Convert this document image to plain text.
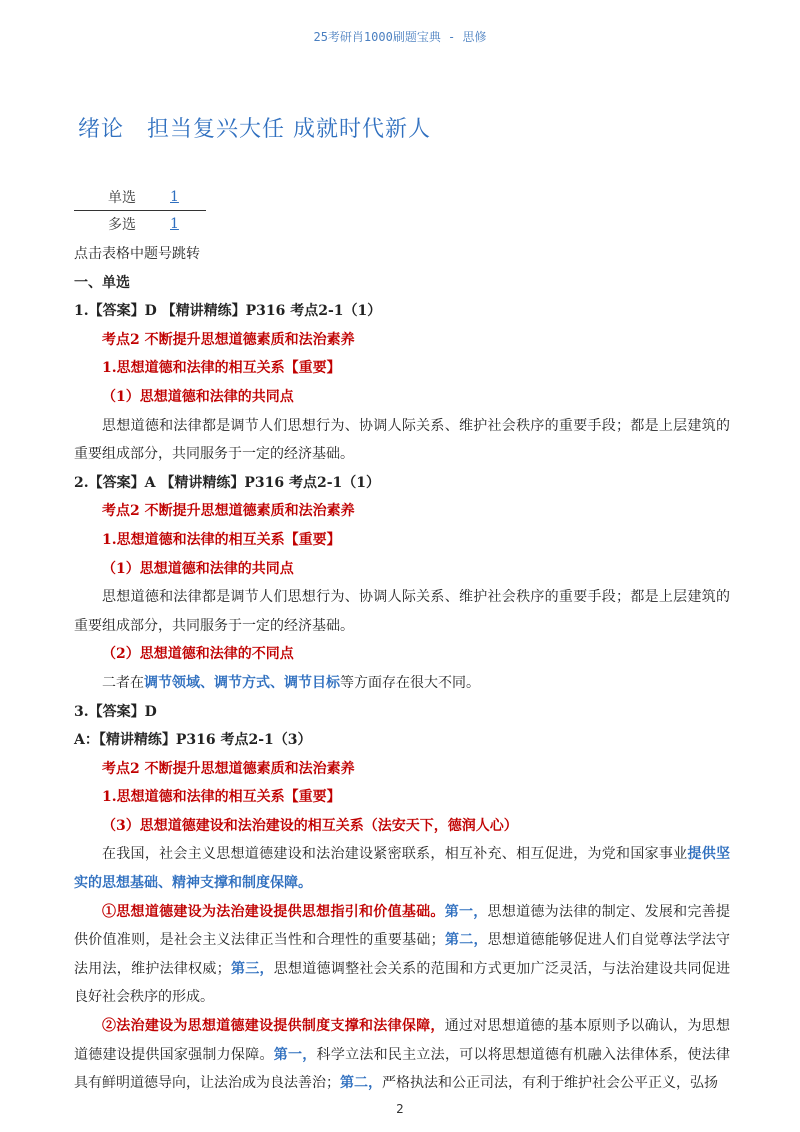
25考研肖1000刷题宝典 - 思修
绪论　担当复兴大任 成就时代新人
单选	1
多选	1

点击表格中题号跳转

一、单选

1.【答案】D 【精讲精练】P316 考点2-1（1）

考点2 不断提升思想道德素质和法治素养

1.思想道德和法律的相互关系【重要】

（1）思想道德和法律的共同点

思想道德和法律都是调节人们思想行为、协调人际关系、维护社会秩序的重要手段；都是上层建筑的重要组成部分，共同服务于一定的经济基础。

2.【答案】A 【精讲精练】P316 考点2-1（1）

考点2 不断提升思想道德素质和法治素养

1.思想道德和法律的相互关系【重要】

（1）思想道德和法律的共同点

思想道德和法律都是调节人们思想行为、协调人际关系、维护社会秩序的重要手段；都是上层建筑的重要组成部分，共同服务于一定的经济基础。

（2）思想道德和法律的不同点

二者在调节领域、调节方式、调节目标等方面存在很大不同。

3.【答案】D

A：【精讲精练】P316 考点2-1（3）

考点2 不断提升思想道德素质和法治素养

1.思想道德和法律的相互关系【重要】

（3）思想道德建设和法治建设的相互关系（法安天下，德润人心）

在我国，社会主义思想道德建设和法治建设紧密联系，相互补充、相互促进，为党和国家事业提供坚实的思想基础、精神支撑和制度保障。

①思想道德建设为法治建设提供思想指引和价值基础。第一，思想道德为法律的制定、发展和完善提供价值准则，是社会主义法律正当性和合理性的重要基础；第二，思想道德能够促进人们自觉尊法学法守法用法，维护法律权威；第三，思想道德调整社会关系的范围和方式更加广泛灵活，与法治建设共同促进良好社会秩序的形成。

②法治建设为思想道德建设提供制度支撑和法律保障，通过对思想道德的基本原则予以确认，为思想道德建设提供国家强制力保障。第一，科学立法和民主立法，可以将思想道德有机融入法律体系，使法律具有鲜明道德导向，让法治成为良法善治；第二，严格执法和公正司法，有利于维护社会公平正义，弘扬

2
